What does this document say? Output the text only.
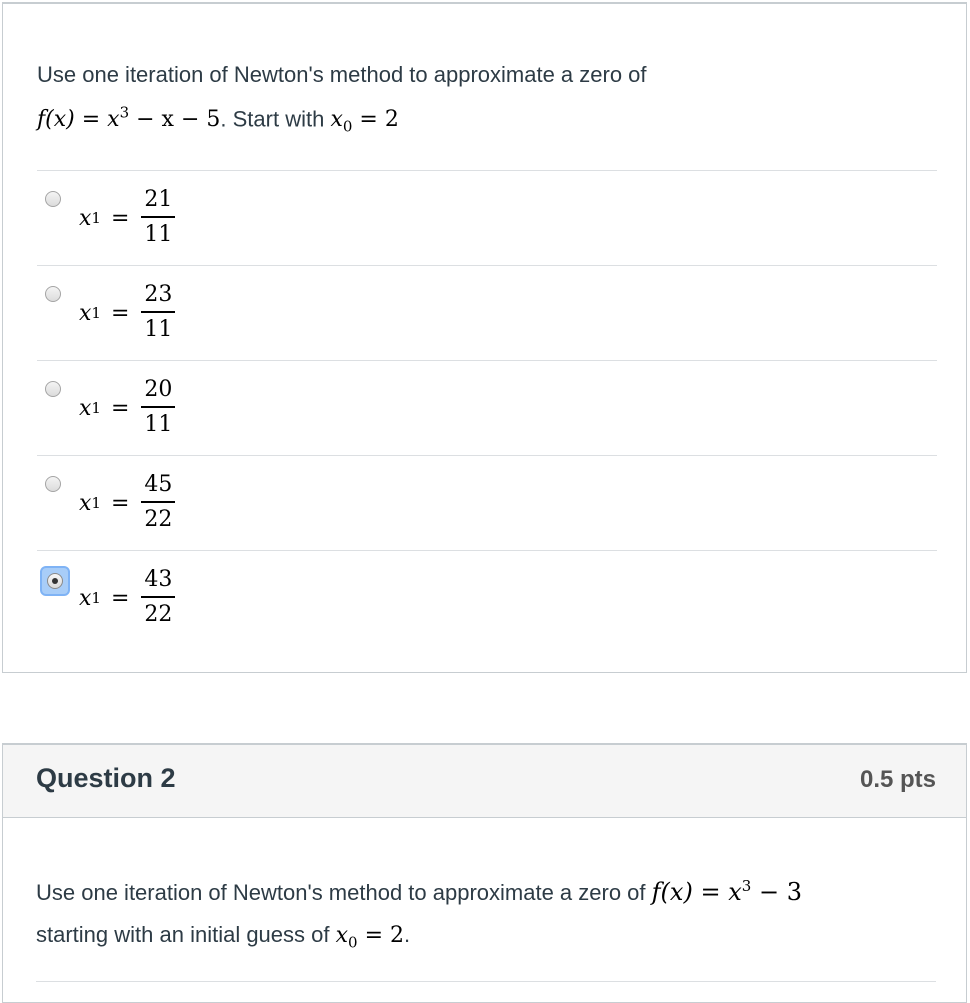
Use one iteration of Newton's method to approximate a zero of
$f(x) = x^3 - x - 5$. Start with $x_0 = 2$
x $1 = \frac{21}{11}$
x $1 = \frac{23}{11}$
x $1 = \frac{20}{11}$
x $1 = \frac{45}{22}$
x $1 = \frac{43}{22}$
Question 2	0.5 pts
Use one iteration of Newton's method to approximate a zero of $f(x) = x^3 - 3$
starting with an initial guess of $x_0 = 2$.
